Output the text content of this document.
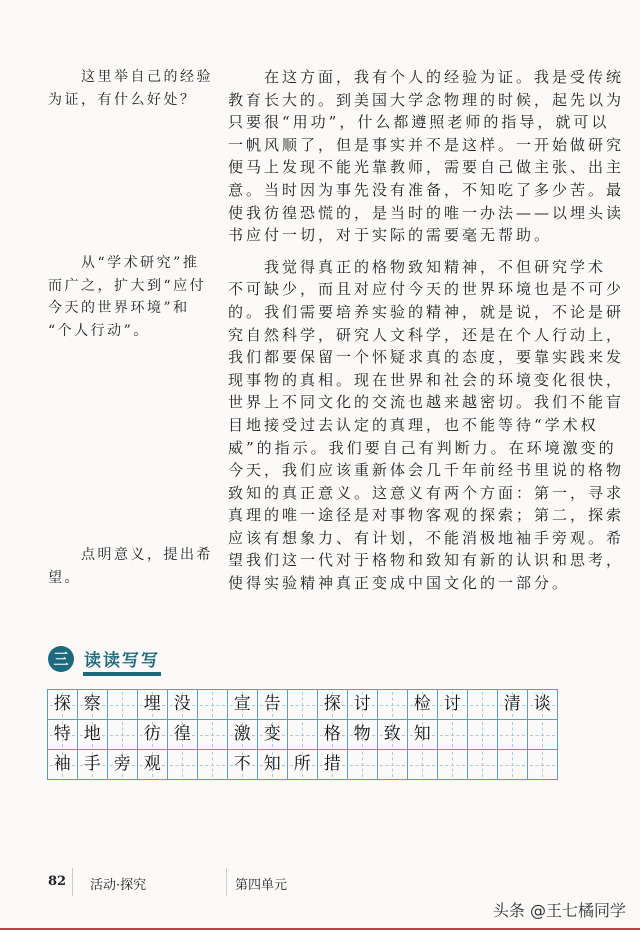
　　这里举自己的经验
为证，有什么好处？
　　从“学术研究”推
而广之，扩大到“应付
今天的世界环境”和
“个人行动”。
　　点明意义，提出希
望。
　　在这方面，我有个人的经验为证。我是受传统
教育长大的。到美国大学念物理的时候，起先以为
只要很“用功”，什么都遵照老师的指导，就可以
一帆风顺了，但是事实并不是这样。一开始做研究
便马上发现不能光靠教师，需要自己做主张、出主
意。当时因为事先没有准备，不知吃了多少苦。最
使我彷徨恐慌的，是当时的唯一办法——以埋头读
书应付一切，对于实际的需要毫无帮助。
　　我觉得真正的格物致知精神，不但研究学术
不可缺少，而且对应付今天的世界环境也是不可少
的。我们需要培养实验的精神，就是说，不论是研
究自然科学，研究人文科学，还是在个人行动上，
我们都要保留一个怀疑求真的态度，要靠实践来发
现事物的真相。现在世界和社会的环境变化很快，
世界上不同文化的交流也越来越密切。我们不能盲
目地接受过去认定的真理，也不能等待“学术权
威”的指示。我们要自己有判断力。在环境激变的
今天，我们应该重新体会几千年前经书里说的格物
致知的真正意义。这意义有两个方面：第一，寻求
真理的唯一途径是对事物客观的探索；第二，探索
应该有想象力、有计划，不能消极地袖手旁观。希
望我们这一代对于格物和致知有新的认识和思考，
使得实验精神真正变成中国文化的一部分。
三 读读写写
探 察	埋 没	宣 告	探 讨	检 讨	清 谈
特 地	彷 徨	激 变	格 物 致 知
袖 手 旁 观	不 知 所 措
82 活动·探究	第四单元
头条 @王七橘同学
